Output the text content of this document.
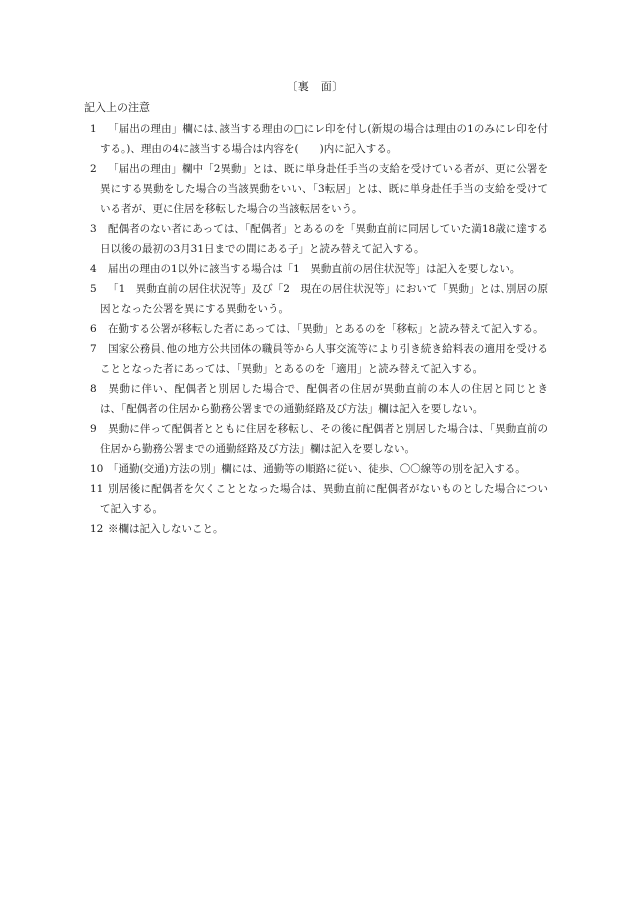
〔裏　面〕
記入上の注意
1 「届出の理由」欄には､該当する理由の□にレ印を付し(新規の場合は理由の1のみにレ印を付する。)、理由の4に該当する場合は内容を(　　)内に記入する。
2 「届出の理由」欄中「2異動」とは、既に単身赴任手当の支給を受けている者が、更に公署を異にする異動をした場合の当該異動をいい、「3転居」とは、既に単身赴任手当の支給を受けている者が、更に住居を移転した場合の当該転居をいう。
3 配偶者のない者にあっては、「配偶者」とあるのを「異動直前に同居していた満18歳に達する日以後の最初の3月31日までの間にある子」と読み替えて記入する。
4 届出の理由の1以外に該当する場合は「1　異動直前の居住状況等」は記入を要しない。
5 「1　異動直前の居住状況等」及び「2　現在の居住状況等」において「異動」とは､別居の原因となった公署を異にする異動をいう。
6 在勤する公署が移転した者にあっては､「異動」とあるのを「移転」と読み替えて記入する。
7 国家公務員､他の地方公共団体の職員等から人事交流等により引き続き給料表の適用を受けることとなった者にあっては、「異動」とあるのを「適用」と読み替えて記入する。
8 異動に伴い、配偶者と別居した場合で、配偶者の住居が異動直前の本人の住居と同じときは、「配偶者の住居から勤務公署までの通勤経路及び方法」欄は記入を要しない。
9 異動に伴って配偶者とともに住居を移転し、その後に配偶者と別居した場合は、「異動直前の住居から勤務公署までの通勤経路及び方法」欄は記入を要しない。
10 「通勤(交通)方法の別」欄には、通勤等の順路に従い、徒歩、〇〇線等の別を記入する。
11 別居後に配偶者を欠くこととなった場合は、異動直前に配偶者がないものとした場合について記入する。
12 ※欄は記入しないこと。
